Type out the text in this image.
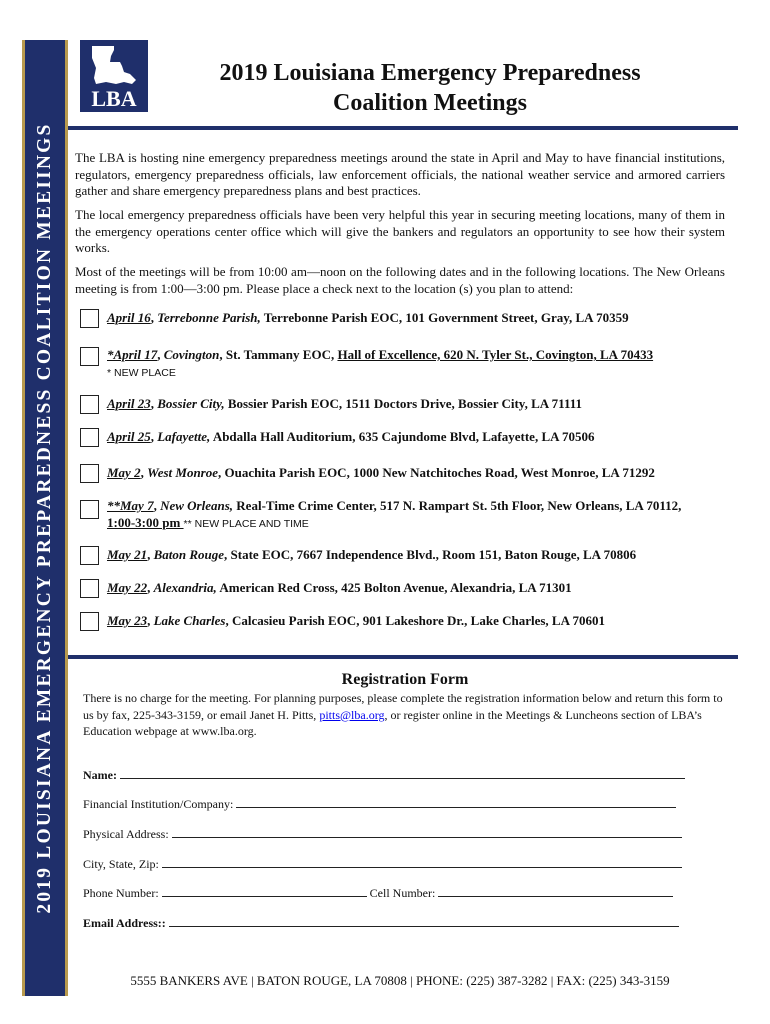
2019 LOUISIANA EMERGENCY PREPAREDNESS COALITION MEEIINGS
LBA
2019 Louisiana Emergency Preparedness
Coalition Meetings
The LBA is hosting nine emergency preparedness meetings around the state in April and May to have financial institutions, regulators, emergency preparedness officials, law enforcement officials, the national weather service and armored carriers gather and share emergency preparedness plans and best practices.
The local emergency preparedness officials have been very helpful this year in securing meeting locations, many of them in the emergency operations center office which will give the bankers and regulators an opportunity to see how their system works.
Most of the meetings will be from 10:00 am—noon on the following dates and in the following locations. The New Orleans meeting is from 1:00—3:00 pm. Please place a check next to the location (s) you plan to attend:
April 16, Terrebonne Parish, Terrebonne Parish EOC, 101 Government Street, Gray, LA 70359
*April 17, Covington, St. Tammany EOC, Hall of Excellence, 620 N. Tyler St., Covington, LA 70433
* NEW PLACE
April 23, Bossier City, Bossier Parish EOC, 1511 Doctors Drive, Bossier City, LA 71111
April 25, Lafayette, Abdalla Hall Auditorium, 635 Cajundome Blvd, Lafayette, LA 70506
May 2, West Monroe, Ouachita Parish EOC, 1000 New Natchitoches Road, West Monroe, LA 71292
**May 7, New Orleans, Real-Time Crime Center, 517 N. Rampart St. 5th Floor, New Orleans, LA 70112,
1:00-3:00 pm ** NEW PLACE AND TIME
May 21, Baton Rouge, State EOC, 7667 Independence Blvd., Room 151, Baton Rouge, LA 70806
May 22, Alexandria, American Red Cross, 425 Bolton Avenue, Alexandria, LA 71301
May 23, Lake Charles, Calcasieu Parish EOC, 901 Lakeshore Dr., Lake Charles, LA 70601
Registration Form
There is no charge for the meeting. For planning purposes, please complete the registration information below and return this form to us by fax, 225-343-3159, or email Janet H. Pitts, pitts@lba.org, or register online in the Meetings & Luncheons section of LBA’s Education webpage at www.lba.org.
Name:
Financial Institution/Company:
Physical Address:
City, State, Zip:
Phone Number:	Cell Number:
Email Address::
5555 BANKERS AVE | BATON ROUGE, LA 70808 | PHONE: (225) 387-3282 | FAX: (225) 343-3159
